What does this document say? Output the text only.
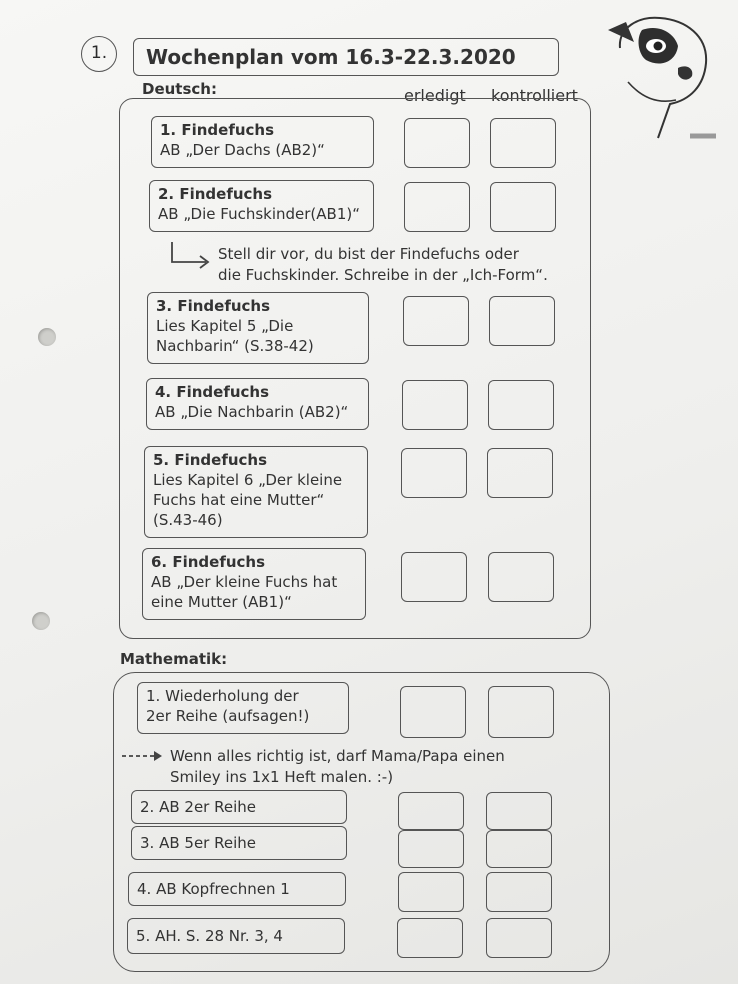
1.	Wochenplan vom 16.3-22.3.2020
erledigt kontrolliert
Deutsch:
1. Findefuchs
AB „Der Dachs (AB2)“
2. Findefuchs
AB „Die Fuchskinder(AB1)“
Stell dir vor, du bist der Findefuchs oder
die Fuchskinder. Schreibe in der „Ich-Form“.
3. Findefuchs
Lies Kapitel 5 „Die
Nachbarin“ (S.38-42)
4. Findefuchs
AB „Die Nachbarin (AB2)“
5. Findefuchs
Lies Kapitel 6 „Der kleine
Fuchs hat eine Mutter“
(S.43-46)
6. Findefuchs
AB „Der kleine Fuchs hat
eine Mutter (AB1)“
Mathematik:
1. Wiederholung der
2er Reihe (aufsagen!)
Wenn alles richtig ist, darf Mama/Papa einen
Smiley ins 1x1 Heft malen. :-)
2. AB 2er Reihe
3. AB 5er Reihe
4. AB Kopfrechnen 1
5. AH. S. 28 Nr. 3, 4
